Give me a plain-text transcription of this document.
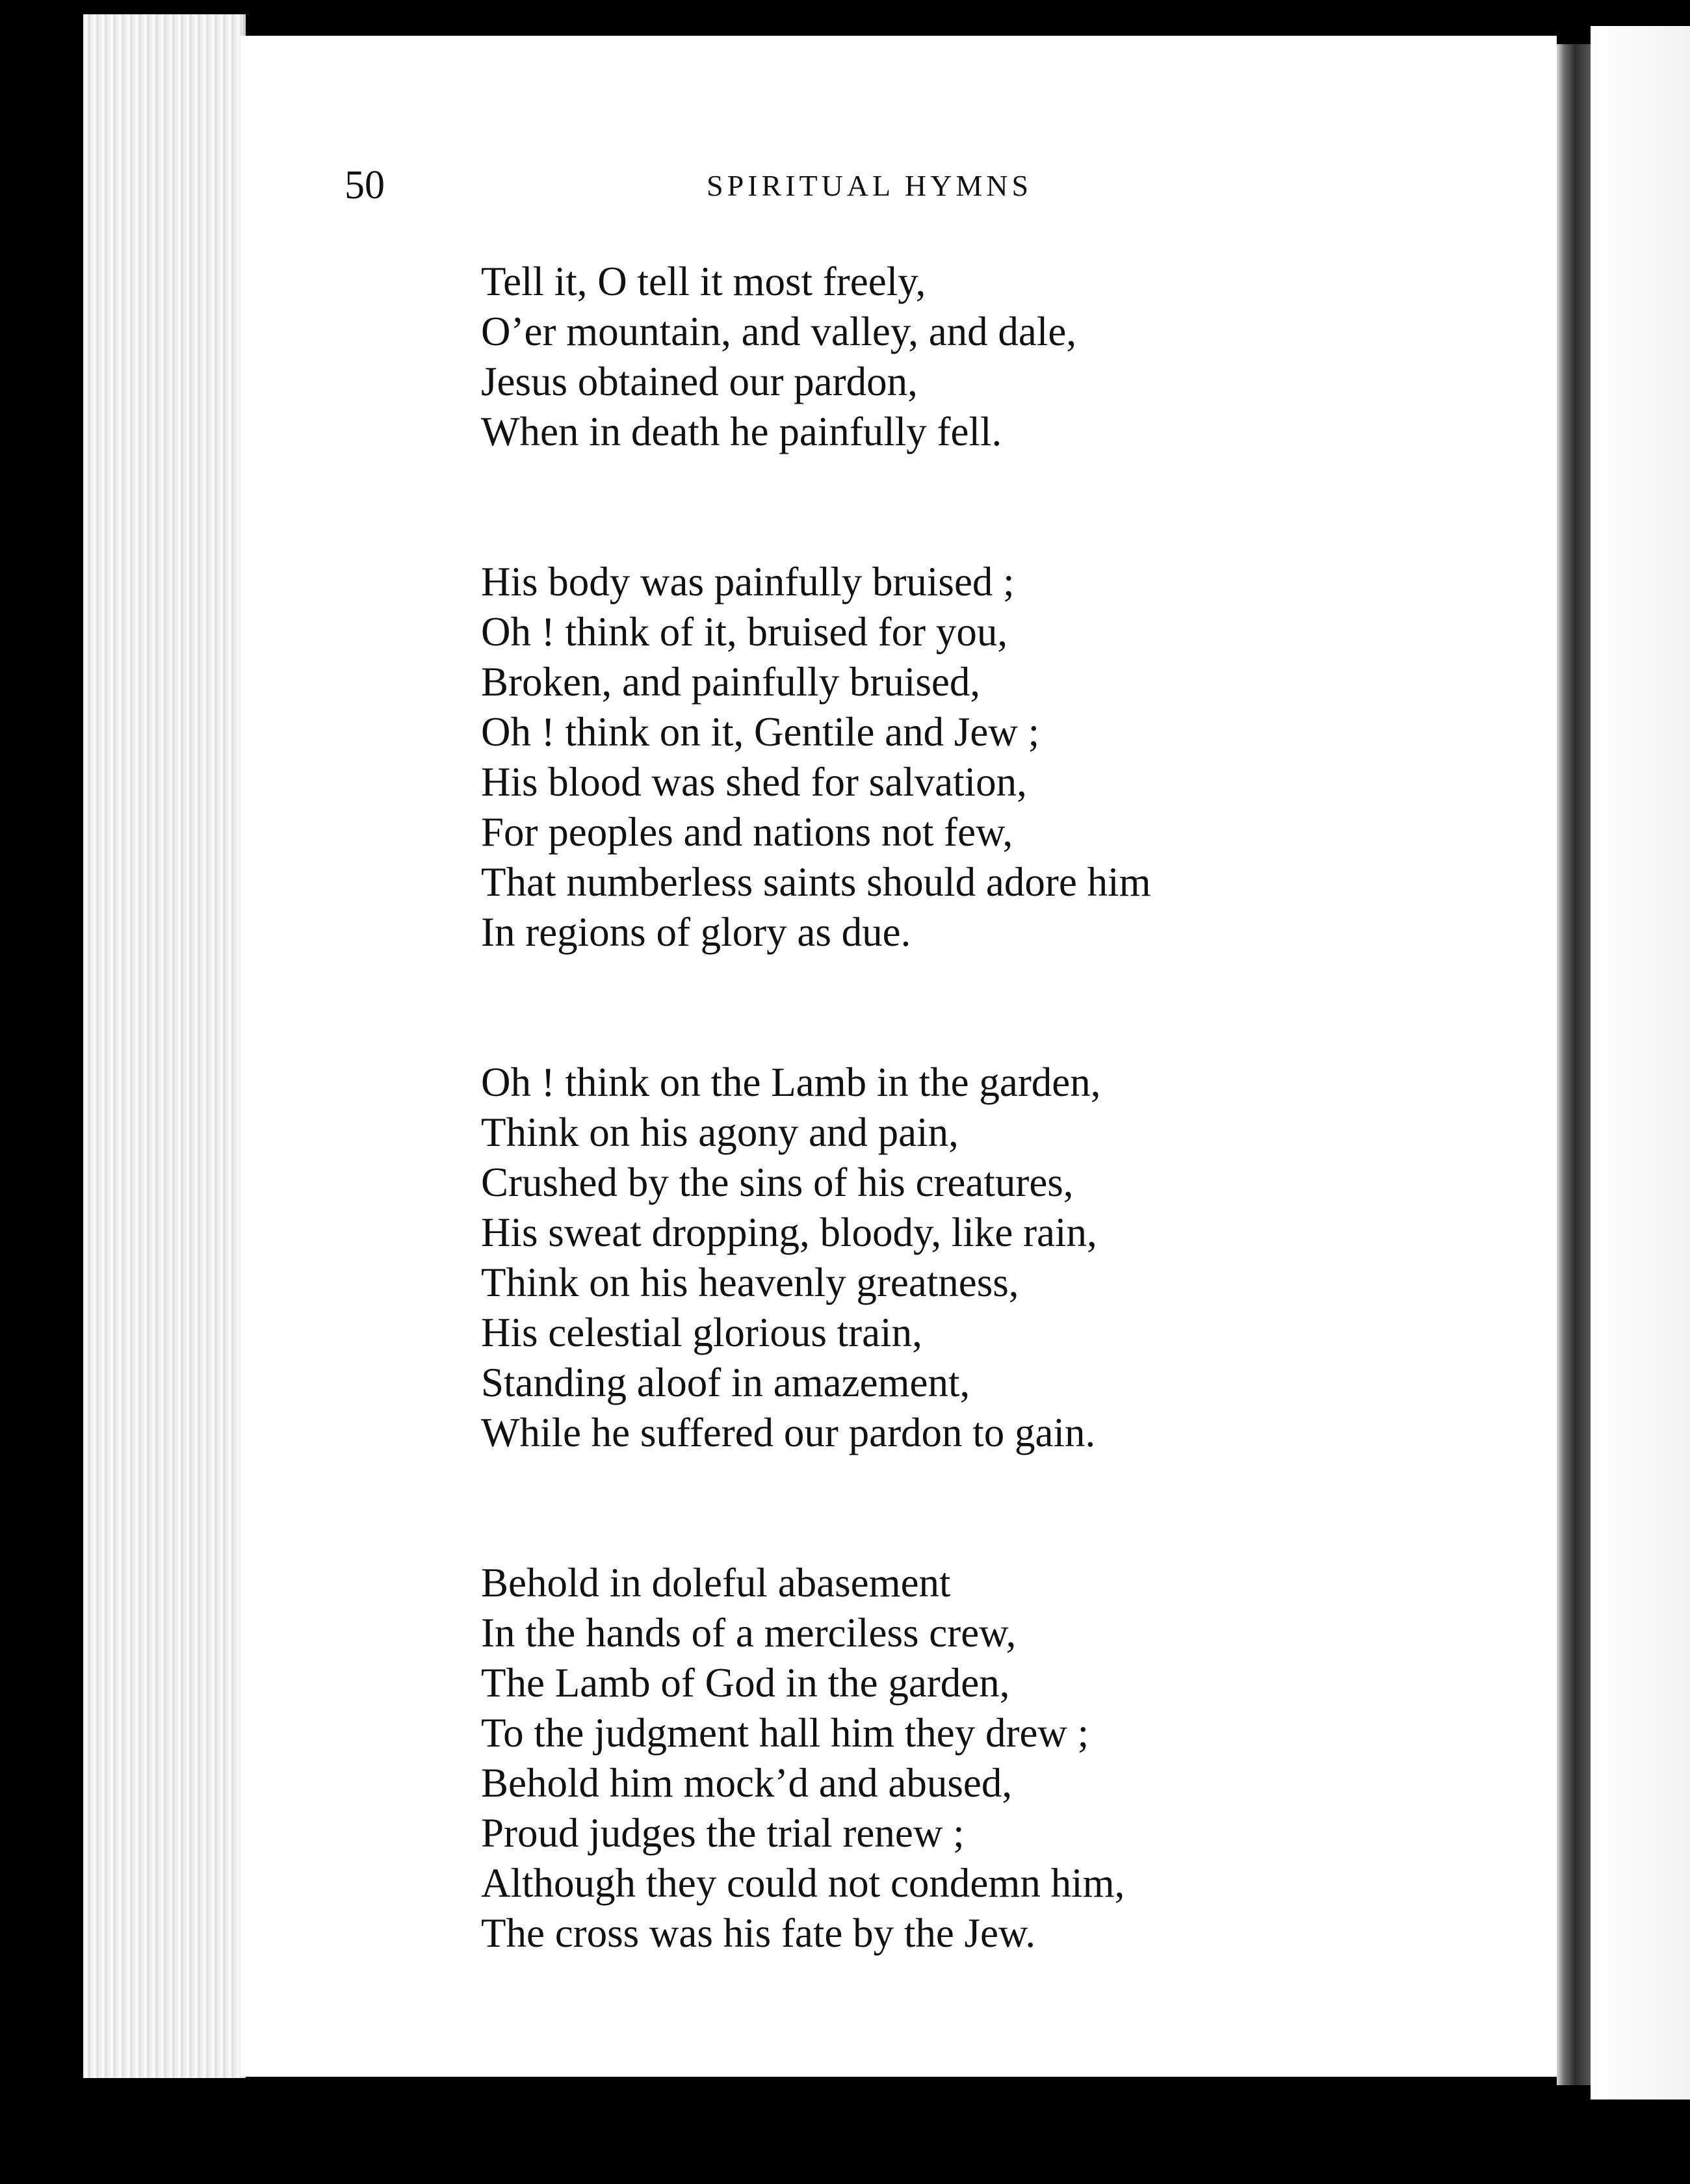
50	SPIRITUAL HYMNS
Tell it, O tell it most freely,
O’er mountain, and valley, and dale,
Jesus obtained our pardon,
When in death he painfully fell.
His body was painfully bruised ;
Oh ! think of it, bruised for you,
Broken, and painfully bruised,
Oh ! think on it, Gentile and Jew ;
His blood was shed for salvation,
For peoples and nations not few,
That numberless saints should adore him
In regions of glory as due.
Oh ! think on the Lamb in the garden,
Think on his agony and pain,
Crushed by the sins of his creatures,
His sweat dropping, bloody, like rain,
Think on his heavenly greatness,
His celestial glorious train,
Standing aloof in amazement,
While he suffered our pardon to gain.
Behold in doleful abasement
In the hands of a merciless crew,
The Lamb of God in the garden,
To the judgment hall him they drew ;
Behold him mock’d and abused,
Proud judges the trial renew ;
Although they could not condemn him,
The cross was his fate by the Jew.
